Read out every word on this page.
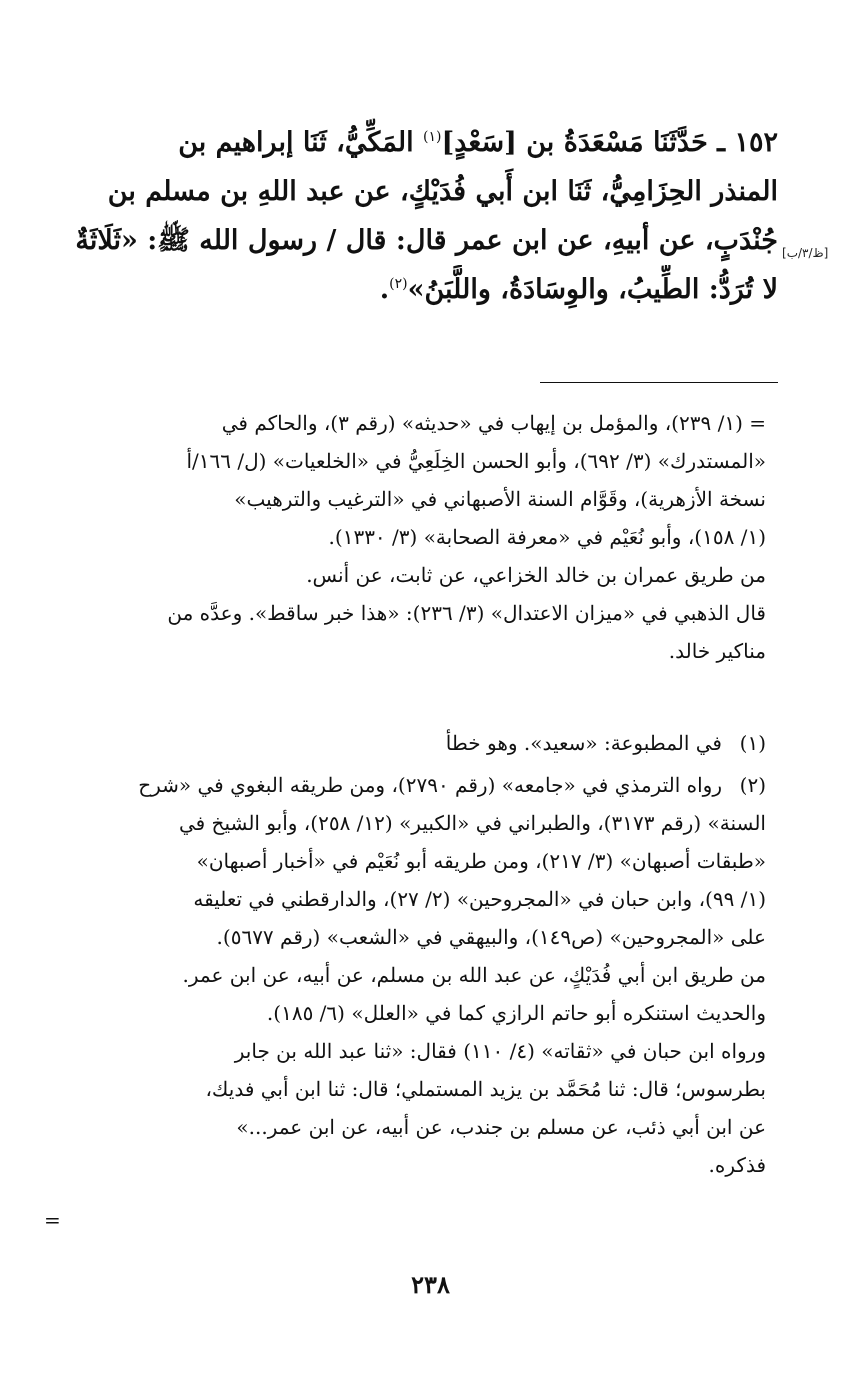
١٥٢ ـ حَدَّثَنَا مَسْعَدَةُ بن [سَعْدٍ]$^{(١)}$ المَكِّيُّ، ثَنَا إبراهيم بن
المنذر الحِزَامِيُّ، ثَنَا ابن أَبي فُدَيْكٍ، عن عبد اللهِ بن مسلم بن
جُنْدَبٍ، عن أبيهِ، عن ابن عمر قال: قال / رسول الله ﷺ: «ثَلَاثَةٌ
لا تُرَدُّ: الطِّيبُ، والوِسَادَةُ، واللَّبَنُ»$^{(٢)}$.
[ظ/٣/ب]
= (١/ ٢٣٩)، والمؤمل بن إيهاب في «حديثه» (رقم ٣)، والحاكم في
«المستدرك» (٣/ ٦٩٢)، وأبو الحسن الخِلَعِيُّ في «الخلعيات» (ل/ ١٦٦/أ
نسخة الأزهرية)، وقَوَّام السنة الأصبهاني في «الترغيب والترهيب»
(١/ ١٥٨)، وأبو نُعَيْم في «معرفة الصحابة» (٣/ ١٣٣٠).
من طريق عمران بن خالد الخزاعي، عن ثابت، عن أنس.
قال الذهبي في «ميزان الاعتدال» (٣/ ٢٣٦): «هذا خبر ساقط». وعدَّه من
مناكير خالد.
(١)في المطبوعة: «سعيد». وهو خطأ
(٢)رواه الترمذي في «جامعه» (رقم ٢٧٩٠)، ومن طريقه البغوي في «شرح
السنة» (رقم ٣١٧٣)، والطبراني في «الكبير» (١٢/ ٢٥٨)، وأبو الشيخ في
«طبقات أصبهان» (٣/ ٢١٧)، ومن طريقه أبو نُعَيْم في «أخبار أصبهان»
(١/ ٩٩)، وابن حبان في «المجروحين» (٢/ ٢٧)، والدارقطني في تعليقه
على «المجروحين» (ص١٤٩)، والبيهقي في «الشعب» (رقم ٥٦٧٧).
من طريق ابن أبي فُدَيْكٍ، عن عبد الله بن مسلم، عن أبيه، عن ابن عمر.
والحديث استنكره أبو حاتم الرازي كما في «العلل» (٦/ ١٨٥).
ورواه ابن حبان في «ثقاته» (٤/ ١١٠) فقال: «ثنا عبد الله بن جابر
بطرسوس؛ قال: ثنا مُحَمَّد بن يزيد المستملي؛ قال: ثنا ابن أبي فديك،
عن ابن أبي ذئب، عن مسلم بن جندب، عن أبيه، عن ابن عمر...»
فذكره.
=
٢٣٨
